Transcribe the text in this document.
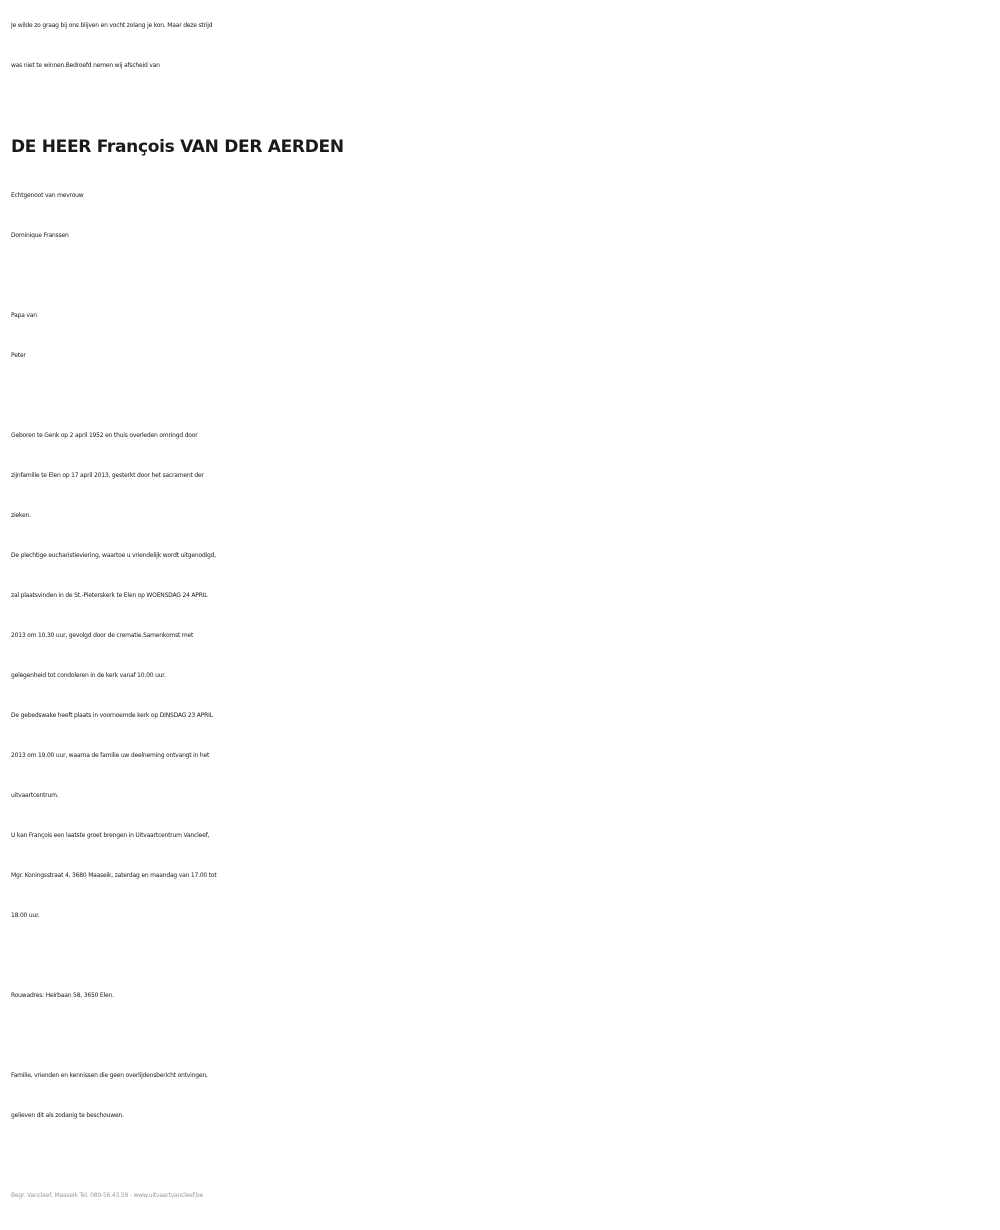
Je wilde zo graag bij ons blijven en vocht zolang je kon. Maar deze strijd
was niet te winnen.Bedroefd nemen wij afscheid van
DE HEER François VAN DER AERDEN
Echtgenoot van mevrouw
Dominique Franssen
Papa van
Peter
Geboren te Genk op 2 april 1952 en thuis overleden omringd door
zijnfamilie te Elen op 17 april 2013, gesterkt door het sacrament der
zieken.
De plechtige eucharistieviering, waartoe u vriendelijk wordt uitgenodigd,
zal plaatsvinden in de St.-Pieterskerk te Elen op WOENSDAG 24 APRIL
2013 om 10.30 uur, gevolgd door de crematie.Samenkomst met
gelegenheid tot condoleren in de kerk vanaf 10.00 uur.
De gebedswake heeft plaats in voornoemde kerk op DINSDAG 23 APRIL
2013 om 19.00 uur, waarna de familie uw deelneming ontvangt in het
uitvaartcentrum.
U kan François een laatste groet brengen in Uitvaartcentrum Vancleef,
Mgr. Koningsstraat 4, 3680 Maaseik, zaterdag en maandag van 17.00 tot
18.00 uur.
Rouwadres: Heirbaan 58, 3650 Elen.
Familie, vrienden en kennissen die geen overlijdensbericht ontvingen,
gelieven dit als zodanig te beschouwen.
Begr. Vancleef, Maaseik Tel. 089-56.43.59 - www.uitvaartvancleef.be
